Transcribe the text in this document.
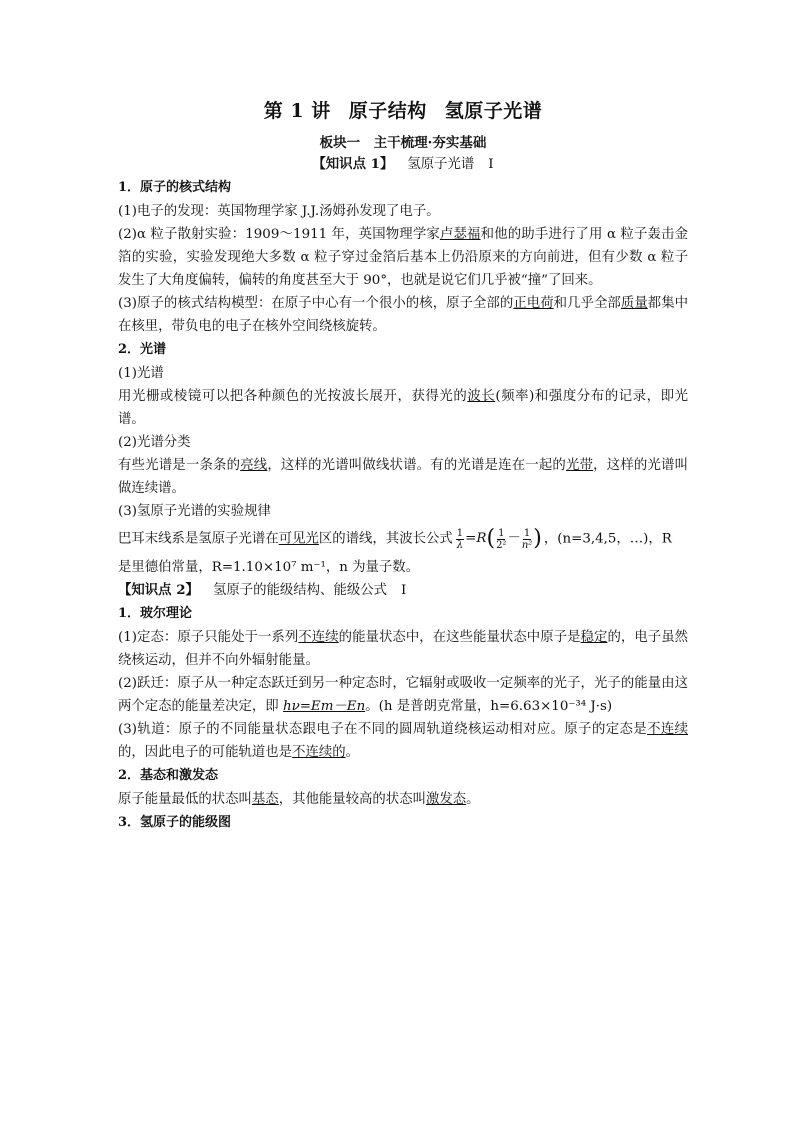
第 1 讲 原子结构 氢原子光谱

板块一　主干梳理·夯实基础

【知识点 1】 氢原子光谱 Ⅰ

1．原子的核式结构

(1)电子的发现：英国物理学家 J.J.汤姆孙发现了电子。

(2)α 粒子散射实验：1909～1911 年，英国物理学家卢瑟福和他的助手进行了用 α 粒子轰击金箔的实验，实验发现绝大多数 α 粒子穿过金箔后基本上仍沿原来的方向前进，但有少数 α 粒子发生了大角度偏转，偏转的角度甚至大于 90°，也就是说它们几乎被“撞”了回来。

(3)原子的核式结构模型：在原子中心有一个很小的核，原子全部的正电荷和几乎全部质量都集中在核里，带负电的电子在核外空间绕核旋转。

2．光谱

(1)光谱

用光栅或棱镜可以把各种颜色的光按波长展开，获得光的波长(频率)和强度分布的记录，即光谱。

(2)光谱分类

有些光谱是一条条的亮线，这样的光谱叫做线状谱。有的光谱是连在一起的光带，这样的光谱叫做连续谱。

(3)氢原子光谱的实验规律

巴耳末线系是氢原子光谱在可见光区的谱线，其波长公式 $\frac{1}{\lambda} = R$ ( $\frac{1}{\text{2²}} - \frac{1}{\text{n²}}$ ) ，(n=3,4,5，…)，R

是里德伯常量，R=1.10×10⁷ m⁻¹，n 为量子数。

【知识点 2】 氢原子的能级结构、能级公式 Ⅰ

1．玻尔理论

(1)定态：原子只能处于一系列不连续的能量状态中，在这些能量状态中原子是稳定的，电子虽然绕核运动，但并不向外辐射能量。

(2)跃迁：原子从一种定态跃迁到另一种定态时，它辐射或吸收一定频率的光子，光子的能量由这两个定态的能量差决定，即 hν=Em－En。(h 是普朗克常量，h=6.63×10⁻³⁴ J·s)

(3)轨道：原子的不同能量状态跟电子在不同的圆周轨道绕核运动相对应。原子的定态是不连续的，因此电子的可能轨道也是不连续的。

2．基态和激发态

原子能量最低的状态叫基态，其他能量较高的状态叫激发态。

3．氢原子的能级图
